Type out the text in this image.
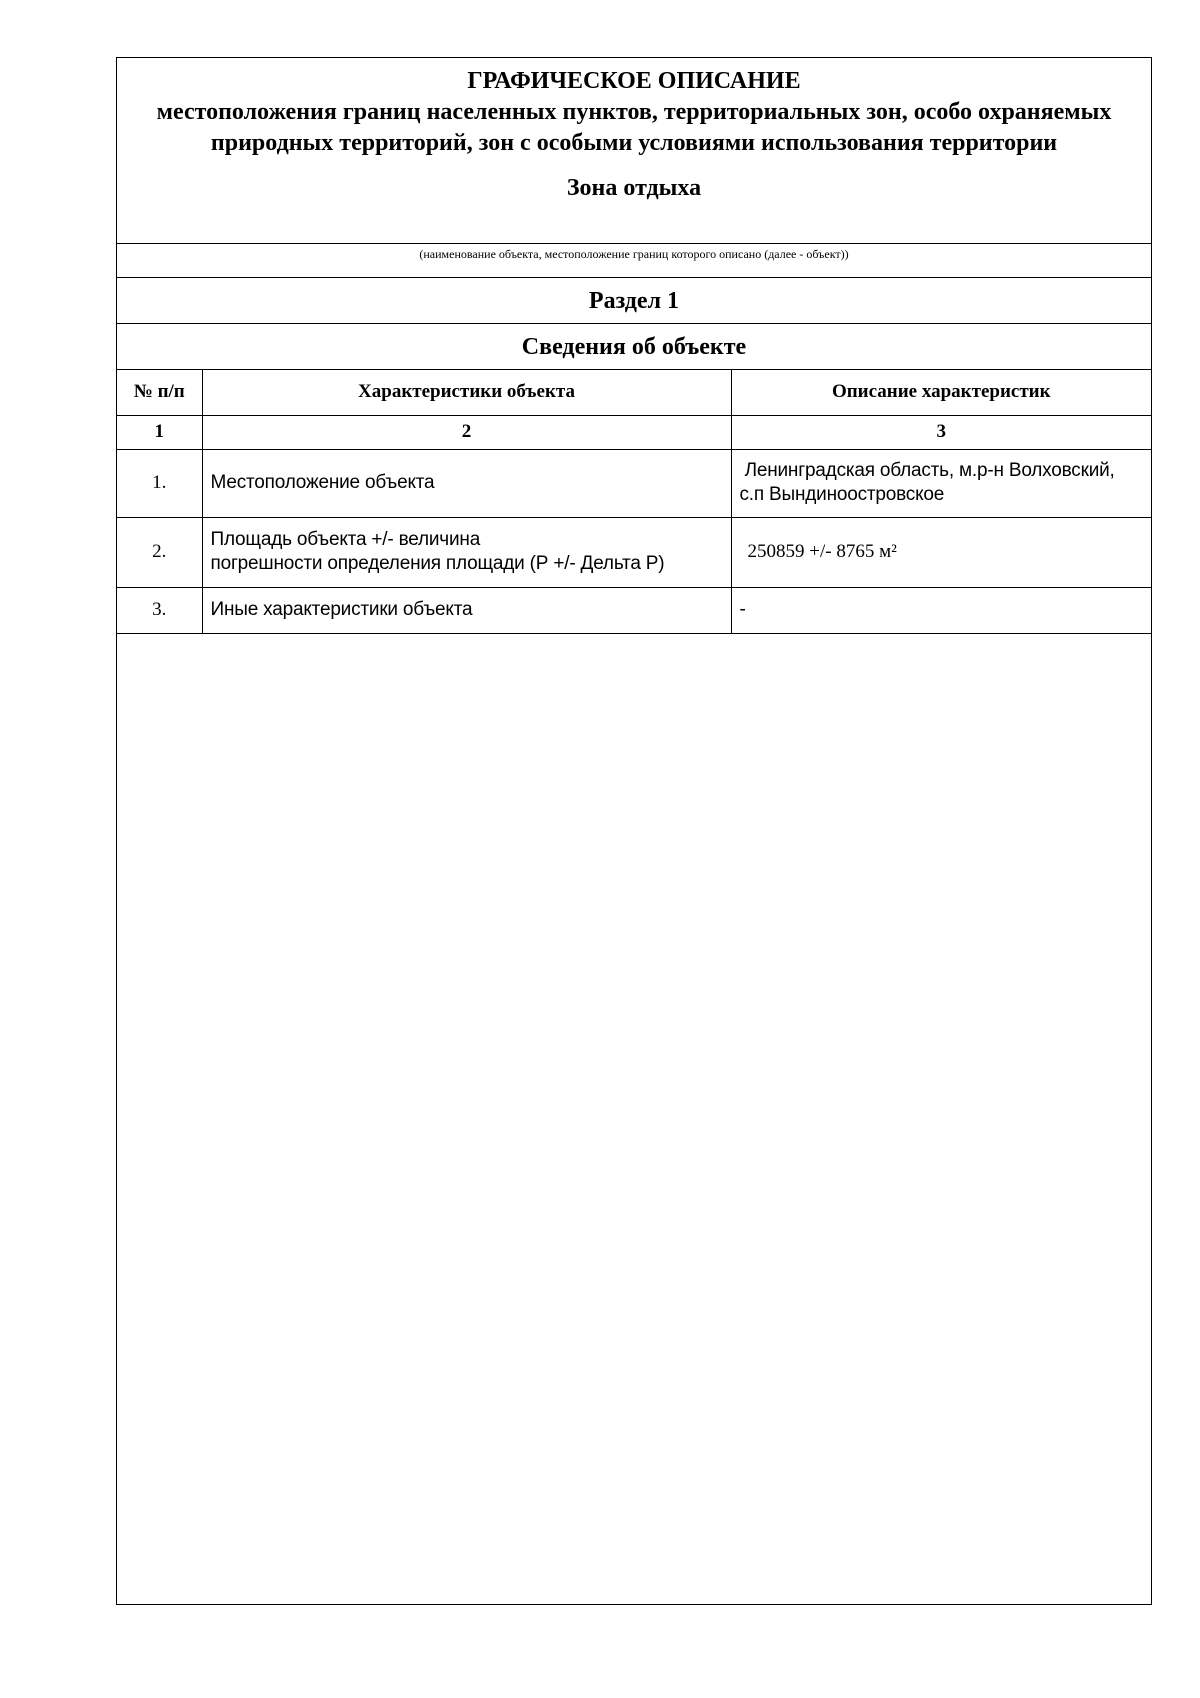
ГРАФИЧЕСКОЕ ОПИСАНИЕ
местоположения границ населенных пунктов, территориальных зон, особо охраняемых природных территорий, зон с особыми условиями использования территории
Зона отдыха
(наименование объекта, местоположение границ которого описано (далее - объект))
Раздел 1
Сведения об объекте
№ п/п	Характеристики объекта	Описание характеристик
1	2	3
1.	Местоположение объекта	Ленинградская область, м.р-н Волховский,
с.п Вындиноостровское

2.	Площадь объекта +/- величина
погрешности определения площади (Р +/- Дельта Р)	250859 +/- 8765 м²

3.	Иные характеристики объекта	-
